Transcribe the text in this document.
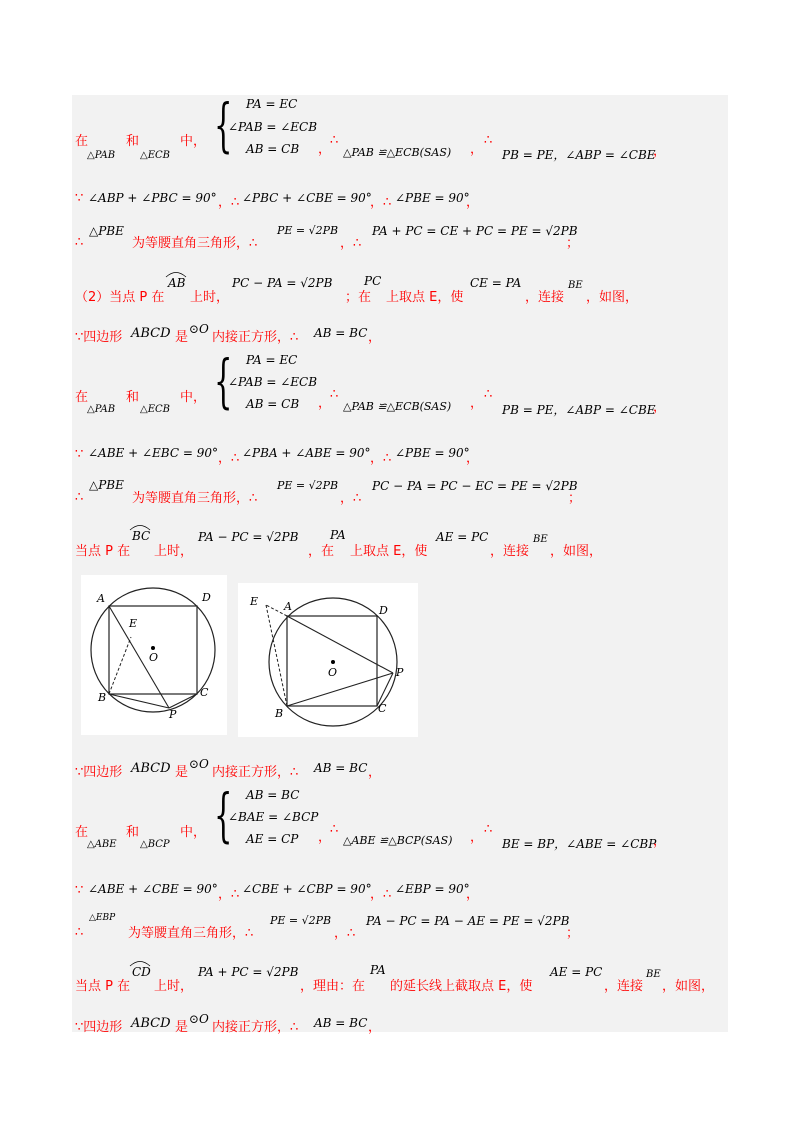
{ PA = EC
∠PAB = ∠ECB
AB = CB
在
△PAB
和
△ECB
中，
，
∴
△PAB ≌△ECB(SAS) ，
∴
PB = PE，∠ABP = ∠CBE
，
∵ ∠ABP + ∠PBC = 90° ，∴ ∠PBC + ∠CBE = 90°
，∴ ∠PBE = 90°
，
∴
△PBE
为等腰直角三角形，∴
PE = √2PB
，∴
PA + PC = CE + PC = PE = √2PB
；
（2）当点 P 在
AB
上时，
PC − PA = √2PB
；在
PC
上取点 E，使
CE = PA
，连接
BE
，如图，
∵四边形 ABCD 是
⊙O
内接正方形，∴ AB = BC ，
{ PA = EC
∠PAB = ∠ECB
AB = CB
在
△PAB
和
△ECB
中，	，
∴
△PAB ≌△ECB(SAS) ，
∴
PB = PE，∠ABP = ∠CBE
，
∵ ∠ABE + ∠EBC = 90° ，∴ ∠PBA + ∠ABE = 90° ，∴ ∠PBE = 90°
，
∴
△PBE
为等腰直角三角形，∴
PE = √2PB
，∴
PC − PA = PC − EC = PE = √2PB
；
当点 P 在
BC
上时，
PA − PC = √2PB
，在
PA
上取点 E，使
AE = PC
，连接
BE
，如图，
A	D
E
O
B	C
P
E A	D
O	P
B	C
∵四边形 ABCD 是
⊙O
内接正方形，∴ AB = BC ，
{ AB = BC
∠BAE = ∠BCP
AE = CP
在
△ABE
和
△BCP
中，	，
∴
△ABE ≌△BCP(SAS) ，
∴
BE = BP，∠ABE = ∠CBP
，
∵ ∠ABE + ∠CBE = 90° ，∴ ∠CBE + ∠CBP = 90°
，∴ ∠EBP = 90°
，
∴
△EBP
为等腰直角三角形，∴
PE = √2PB
，∴
PA − PC = PA − AE = PE = √2PB
；
当点 P 在
CD
上时，
PA + PC = √2PB
，理由：在
PA
的延长线上截取点 E，使
AE = PC
，连接
BE
，如图，
∵四边形 ABCD 是
⊙O
内接正方形，∴ AB = BC ，
